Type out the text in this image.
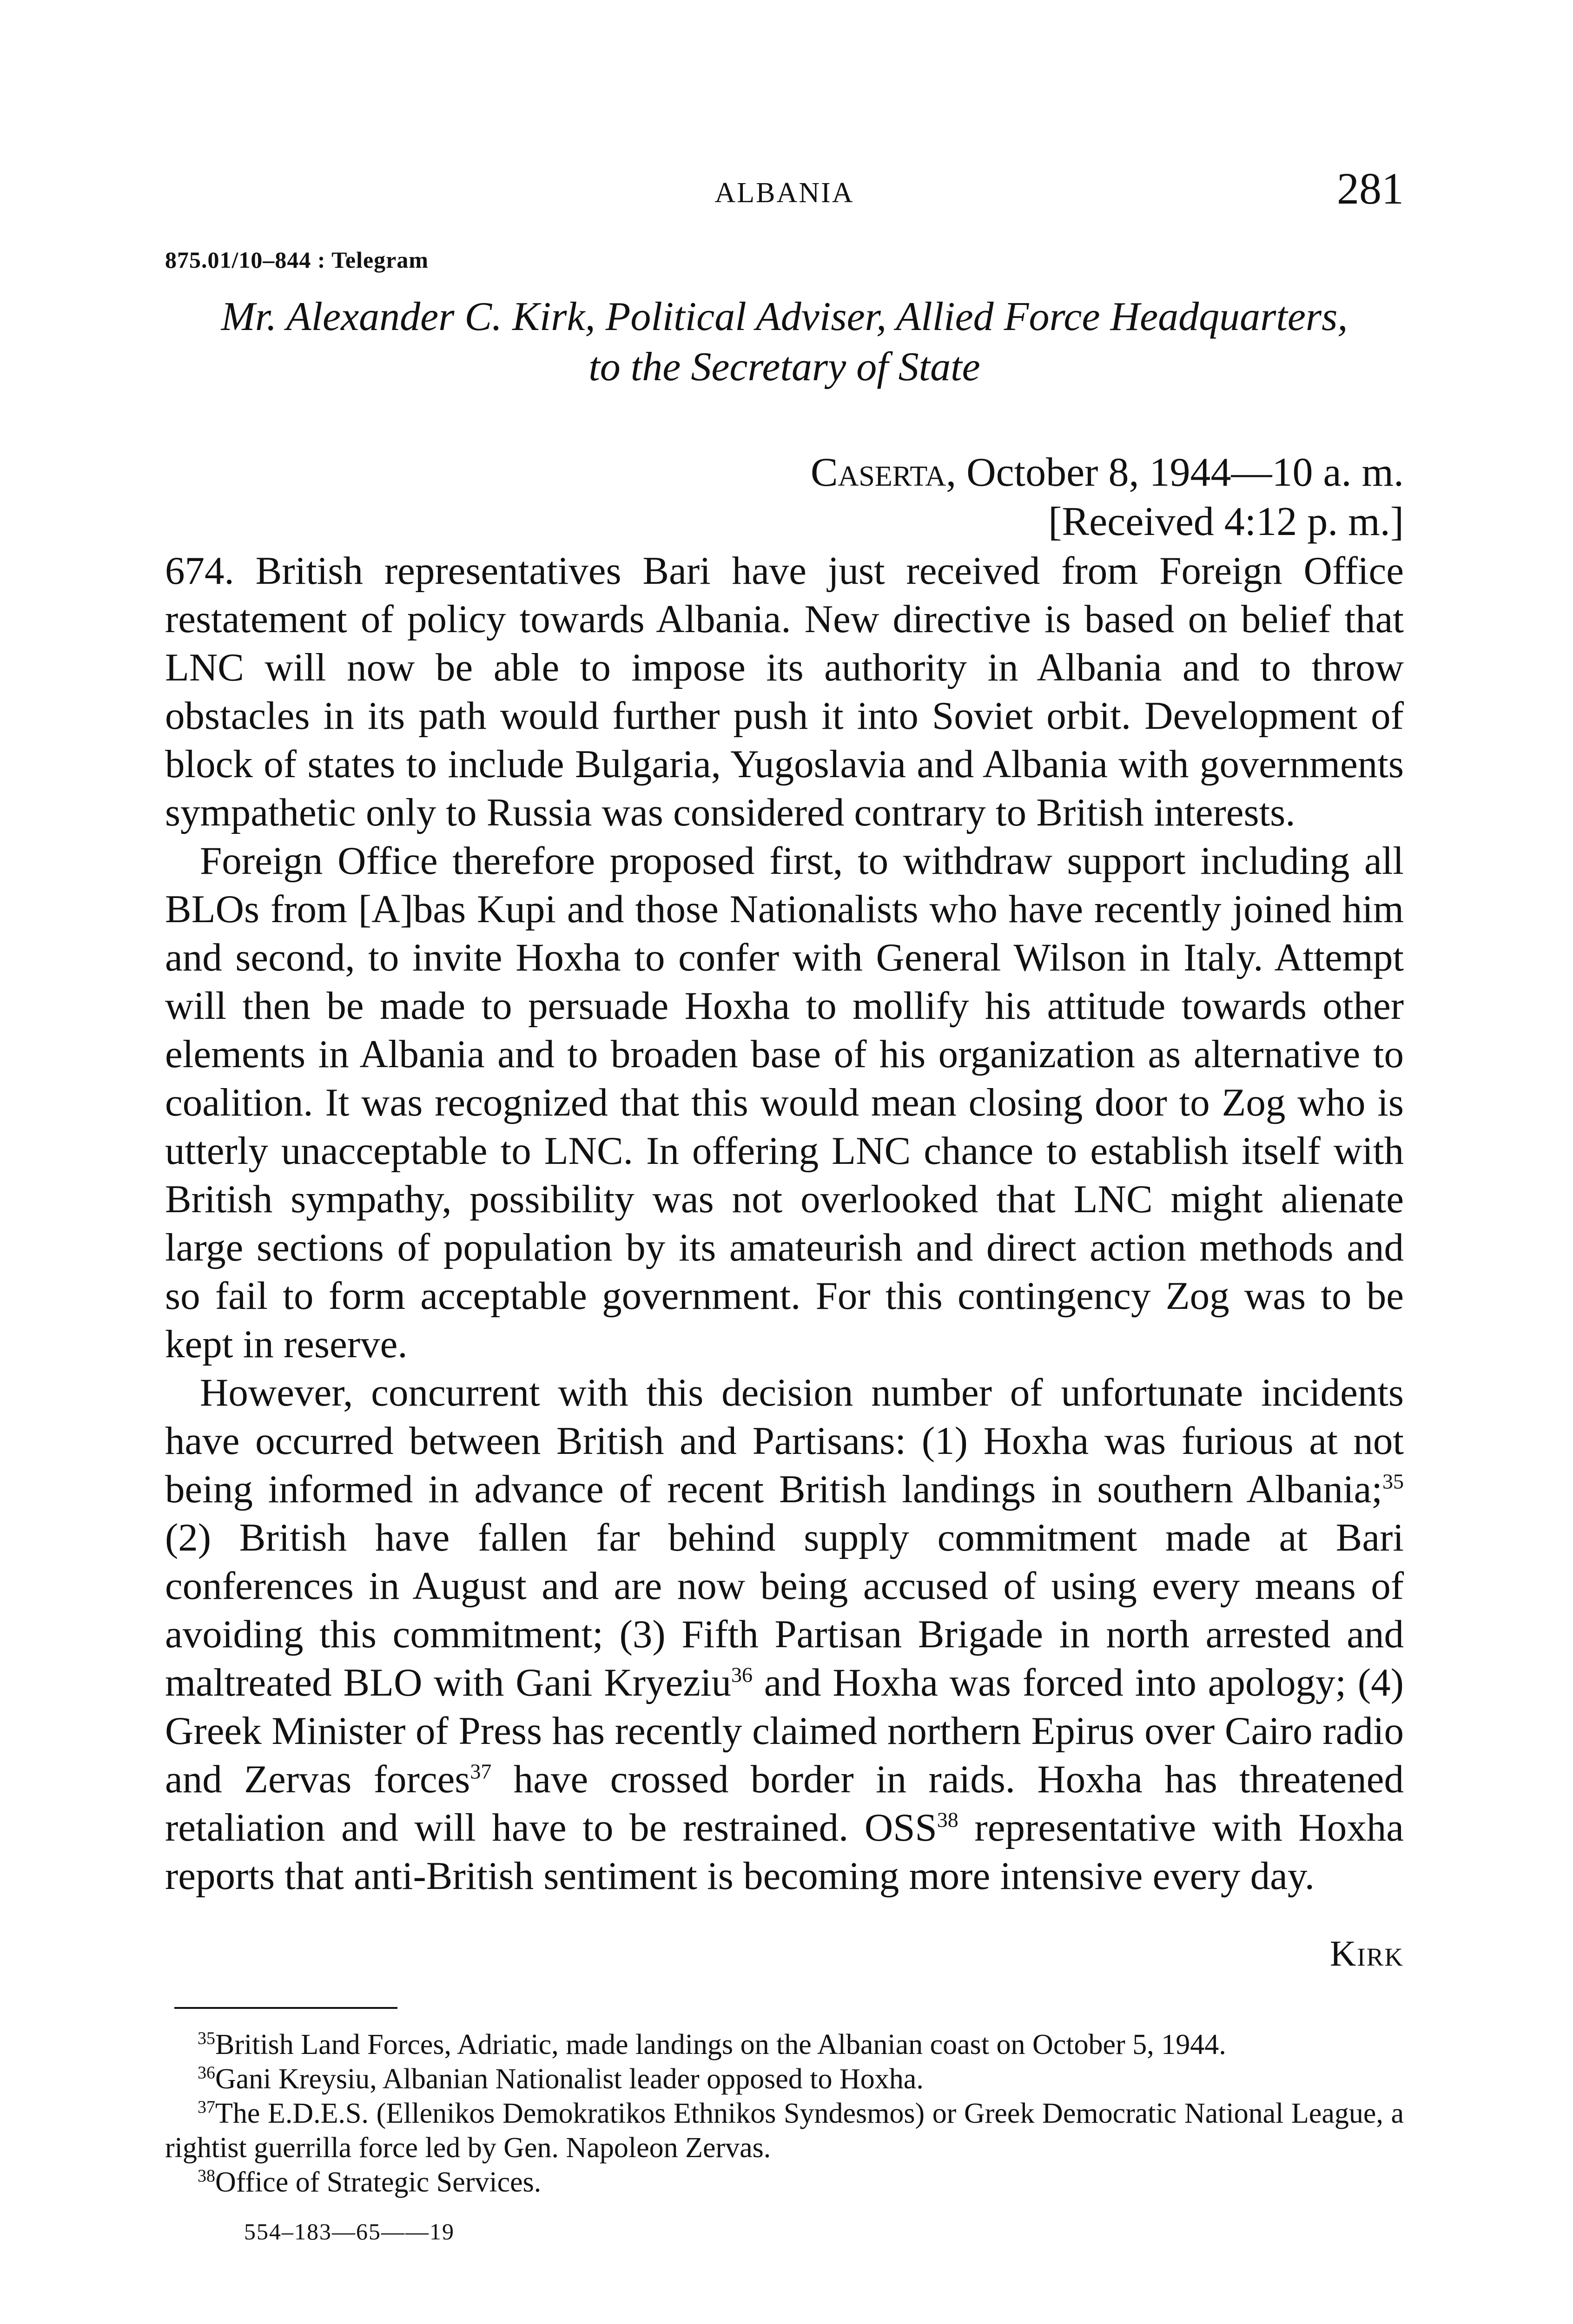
ALBANIA	281
875.01/10–844 : Telegram
Mr. Alexander C. Kirk, Political Adviser, Allied Force Headquarters,
to the Secretary of State
Caserta, October 8, 1944—10 a. m.
[Received 4:12 p. m.]

674. British representatives Bari have just received from Foreign Office restatement of policy towards Albania. New directive is based on belief that LNC will now be able to impose its authority in Albania and to throw obstacles in its path would further push it into Soviet orbit. Development of block of states to include Bulgaria, Yugoslavia and Albania with governments sympathetic only to Russia was considered contrary to British interests.

Foreign Office therefore proposed first, to withdraw support including all BLOs from [A]bas Kupi and those Nationalists who have recently joined him and second, to invite Hoxha to confer with General Wilson in Italy. Attempt will then be made to persuade Hoxha to mollify his attitude towards other elements in Albania and to broaden base of his organization as alternative to coalition. It was recognized that this would mean closing door to Zog who is utterly unacceptable to LNC. In offering LNC chance to establish itself with British sympathy, possibility was not overlooked that LNC might alienate large sections of population by its amateurish and direct action methods and so fail to form acceptable government. For this contingency Zog was to be kept in reserve.

However, concurrent with this decision number of unfortunate incidents have occurred between British and Partisans: (1) Hoxha was furious at not being informed in advance of recent British landings in southern Albania;$^{35}$ (2) British have fallen far behind supply commitment made at Bari conferences in August and are now being accused of using every means of avoiding this commitment; (3) Fifth Partisan Brigade in north arrested and maltreated BLO with Gani Kryeziu$^{36}$ and Hoxha was forced into apology; (4) Greek Minister of Press has recently claimed northern Epirus over Cairo radio and Zervas forces$^{37}$ have crossed border in raids. Hoxha has threatened retaliation and will have to be restrained. OSS$^{38}$ representative with Hoxha reports that anti-British sentiment is becoming more intensive every day.

Kirk
$^{35}$British Land Forces, Adriatic, made landings on the Albanian coast on October 5, 1944.
$^{36}$Gani Kreysiu, Albanian Nationalist leader opposed to Hoxha.
$^{37}$The E.D.E.S. (Ellenikos Demokratikos Ethnikos Syndesmos) or Greek Democratic National League, a rightist guerrilla force led by Gen. Napoleon Zervas.
$^{38}$Office of Strategic Services.
554–183—65——19
